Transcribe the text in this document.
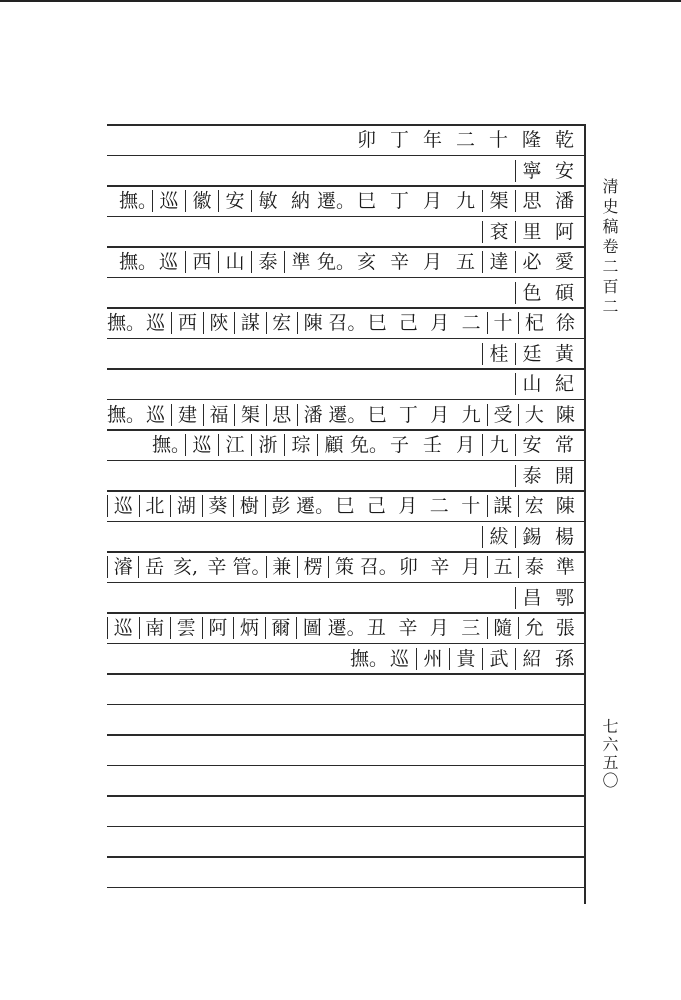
清史稿卷二百二
七六五〇
乾
隆
十
二
年
丁
卯
安
寧
潘
思
榘
九
月
丁
巳
遷。
納
敏
安
徽
巡
撫。
阿
里
袞
愛
必
達
五
月
辛
亥
免。
準
泰
山
西
巡
撫。
碩
色
徐
杞
十
二
月
己
巳
召。
陳
宏
謀
陝
西
巡
撫。
黃
廷
桂
紀
山
陳
大
受
九
月
丁
巳
遷。
潘
思
榘
福
建
巡
撫。
常
安
九
月
壬
子
免。
顧
琮
浙
江
巡
撫。
開
泰
陳
宏
謀
十
二
月
己
巳
遷。
彭
樹
葵
湖
北
巡
楊
錫
紱
準
泰
五
月
辛
卯
召。
策
楞
兼
管。
辛
亥,
岳
濬
鄂
昌
張
允
隨
三
月
辛
丑
遷。
圖
爾
炳
阿
雲
南
巡
孫
紹
武
貴
州
巡
撫。
